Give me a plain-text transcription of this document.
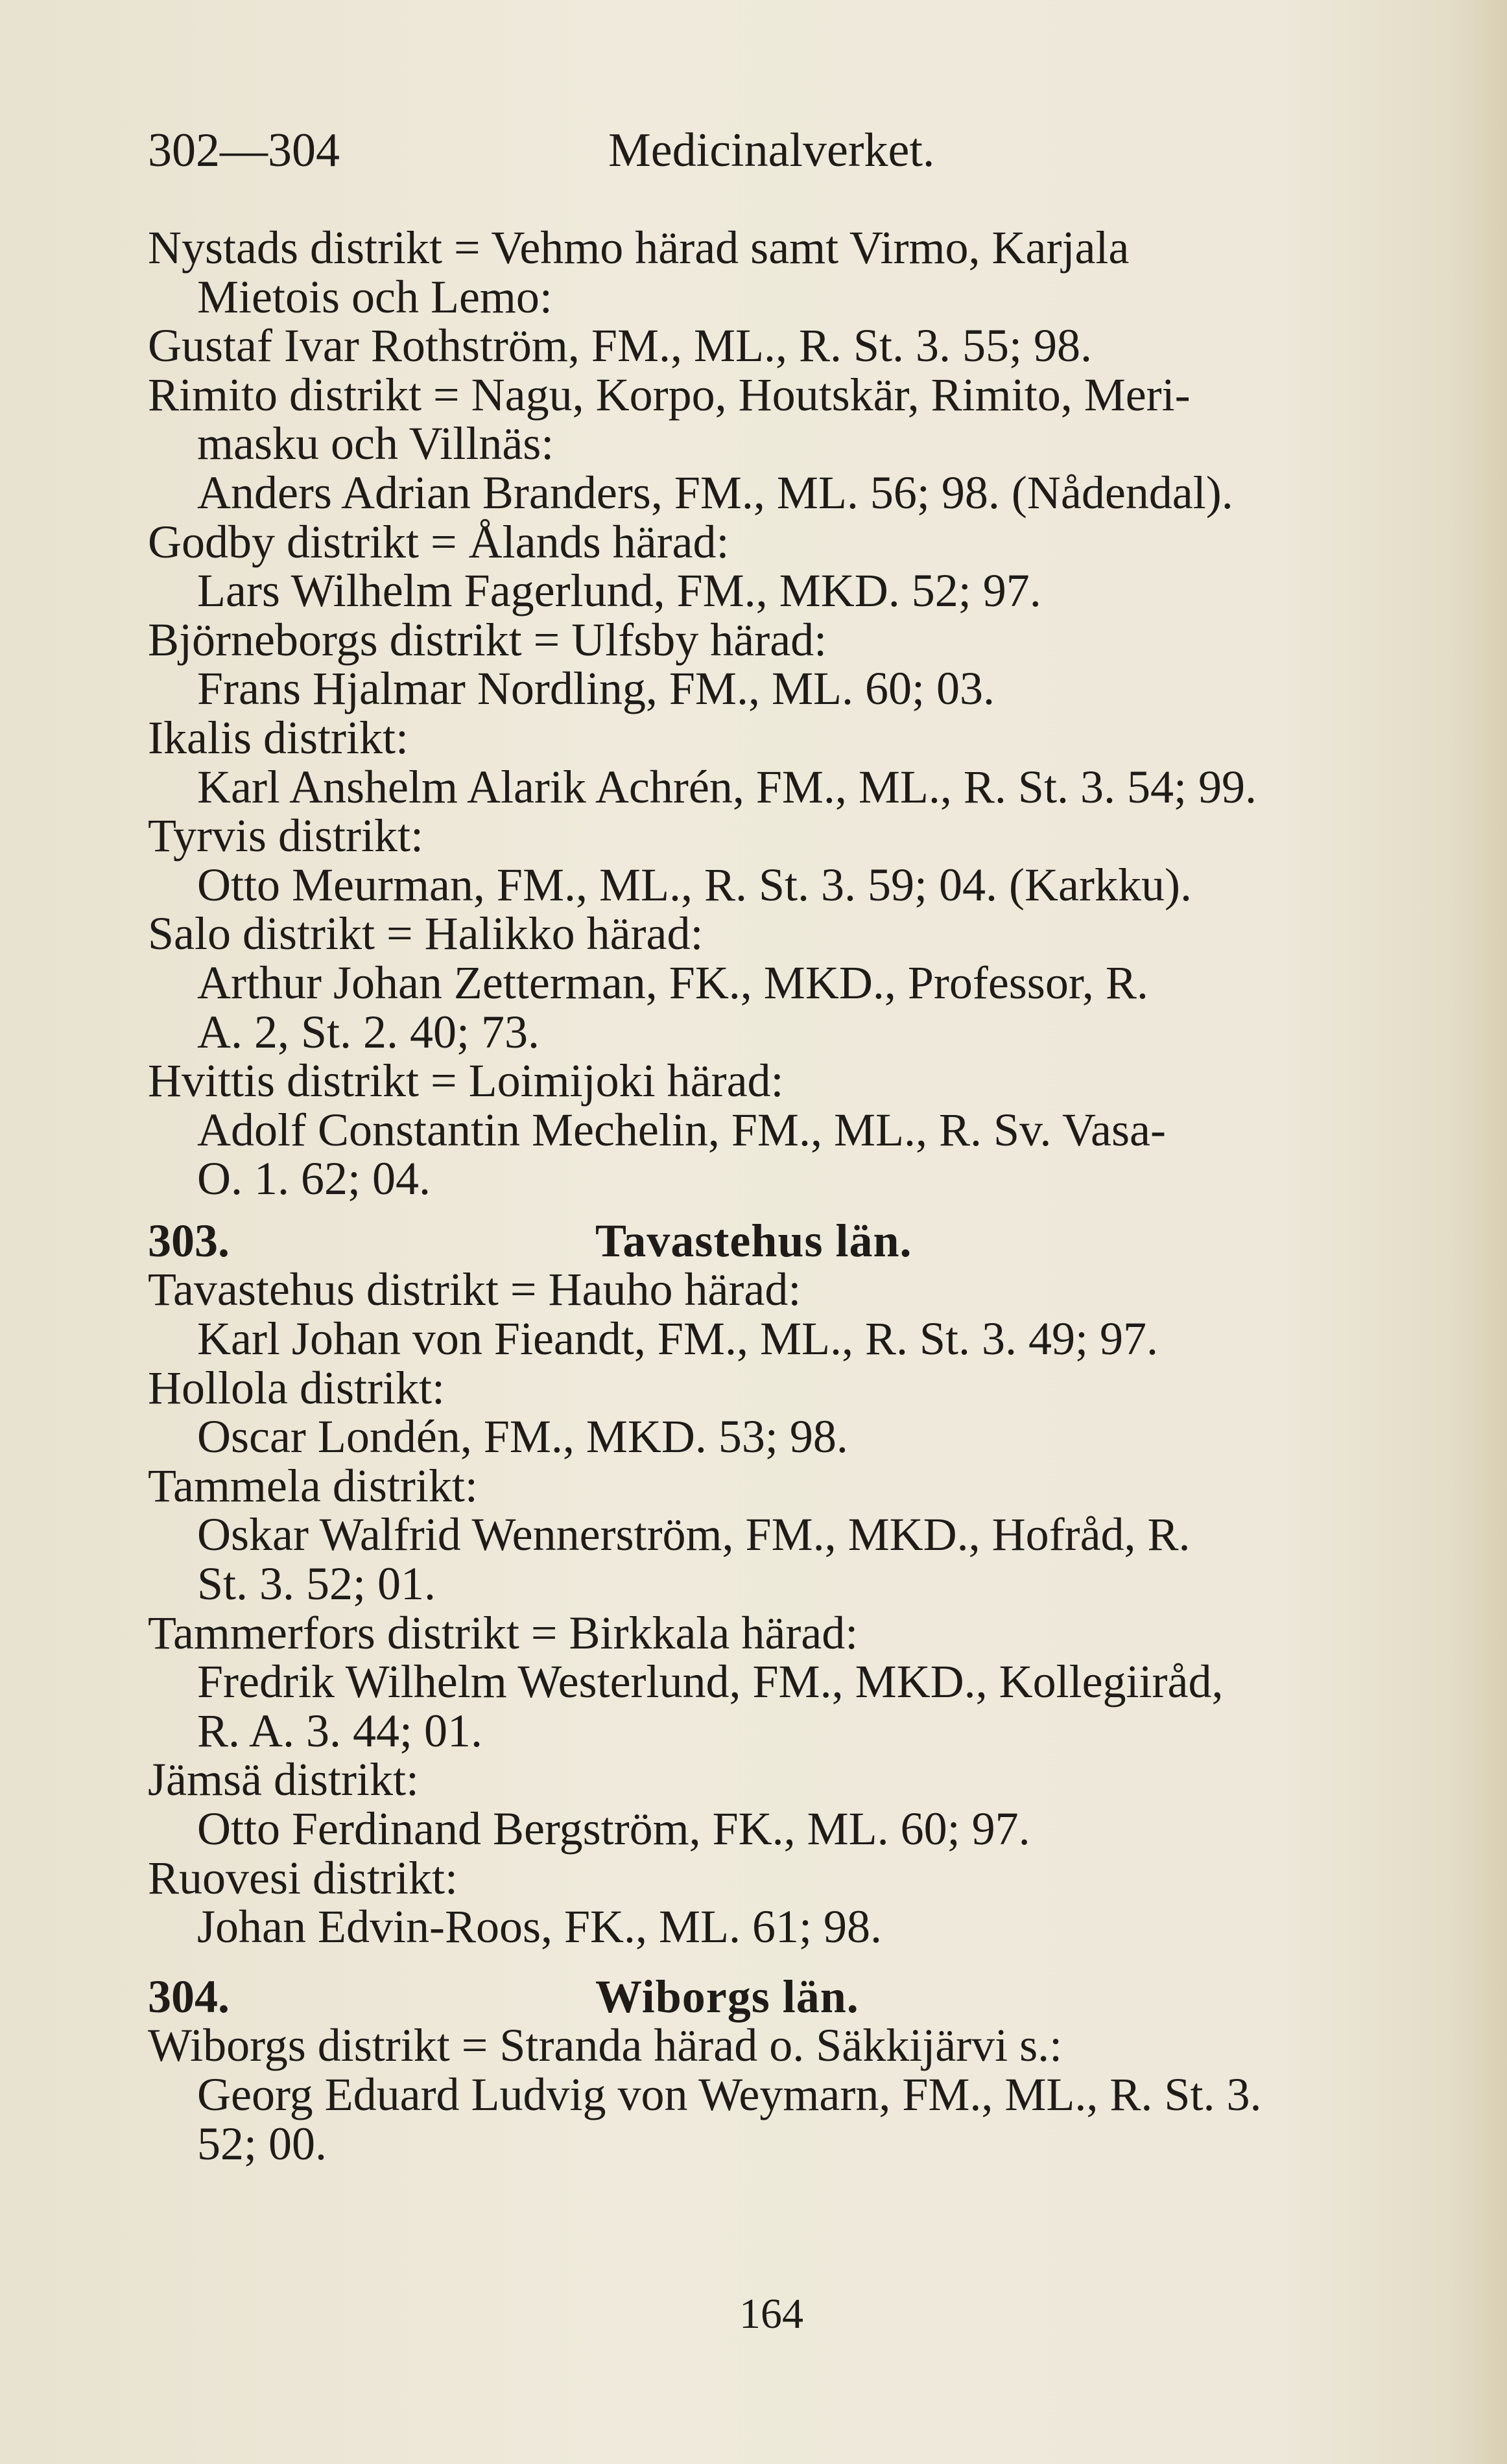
302—304	Medicinalverket.
Nystads distrikt = Vehmo härad samt Virmo, Karjala
Mietois och Lemo:
Gustaf Ivar Rothström, FM., ML., R. St. 3. 55; 98.
Rimito distrikt = Nagu, Korpo, Houtskär, Rimito, Meri-
masku och Villnäs:
Anders Adrian Branders, FM., ML. 56; 98. (Nådendal).
Godby distrikt = Ålands härad:
Lars Wilhelm Fagerlund, FM., MKD. 52; 97.
Björneborgs distrikt = Ulfsby härad:
Frans Hjalmar Nordling, FM., ML. 60; 03.
Ikalis distrikt:
Karl Anshelm Alarik Achrén, FM., ML., R. St. 3. 54; 99.
Tyrvis distrikt:
Otto Meurman, FM., ML., R. St. 3. 59; 04. (Karkku).
Salo distrikt = Halikko härad:
Arthur Johan Zetterman, FK., MKD., Professor, R.
A. 2, St. 2. 40; 73.
Hvittis distrikt = Loimijoki härad:
Adolf Constantin Mechelin, FM., ML., R. Sv. Vasa-
O. 1. 62; 04.
303.	Tavastehus län.
Tavastehus distrikt = Hauho härad:
Karl Johan von Fieandt, FM., ML., R. St. 3. 49; 97.
Hollola distrikt:
Oscar Londén, FM., MKD. 53; 98.
Tammela distrikt:
Oskar Walfrid Wennerström, FM., MKD., Hofråd, R.
St. 3. 52; 01.
Tammerfors distrikt = Birkkala härad:
Fredrik Wilhelm Westerlund, FM., MKD., Kollegiiråd,
R. A. 3. 44; 01.
Jämsä distrikt:
Otto Ferdinand Bergström, FK., ML. 60; 97.
Ruovesi distrikt:
Johan Edvin-Roos, FK., ML. 61; 98.
304.	Wiborgs län.
Wiborgs distrikt = Stranda härad o. Säkkijärvi s.:
Georg Eduard Ludvig von Weymarn, FM., ML., R. St. 3.
52; 00.
164
